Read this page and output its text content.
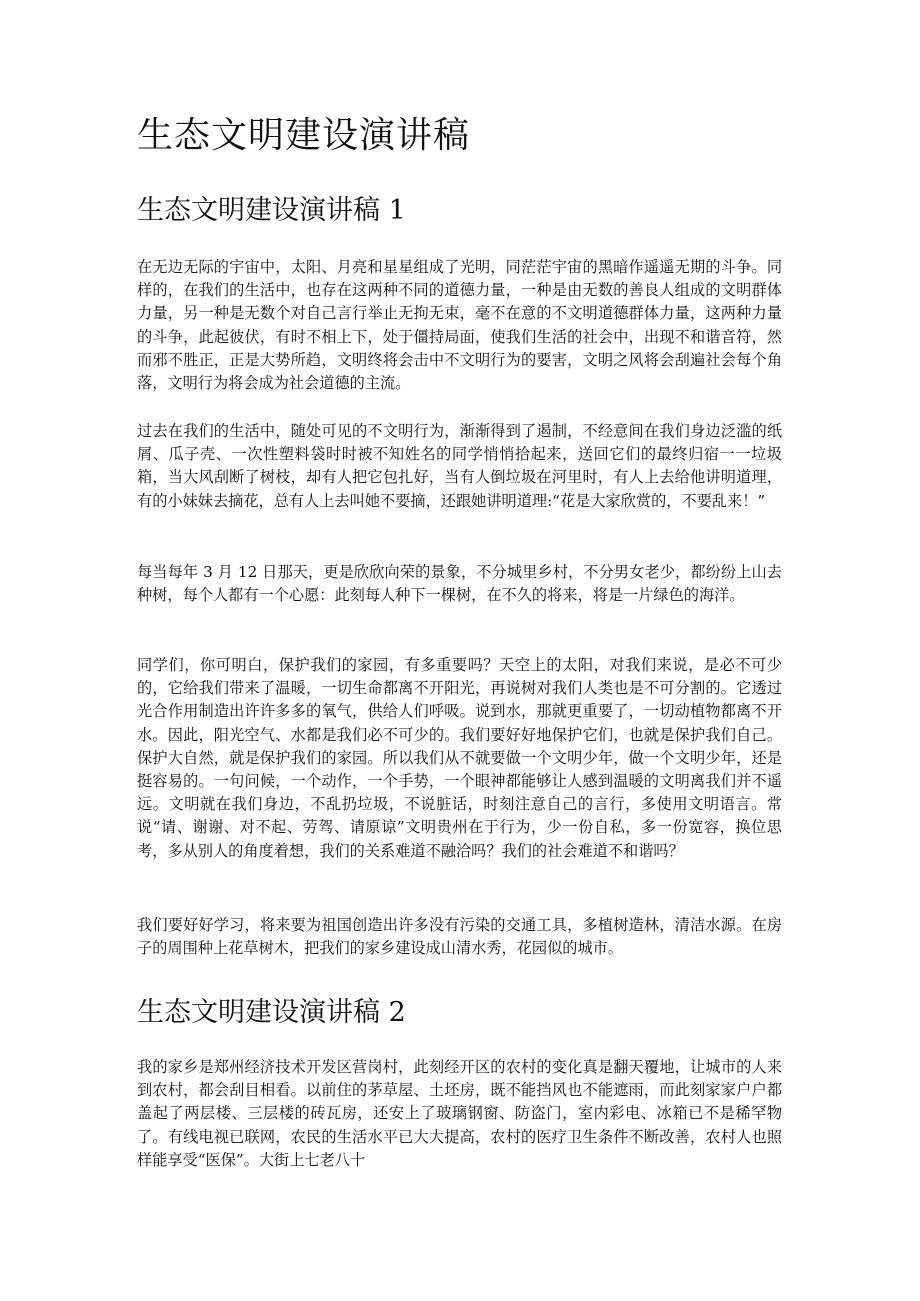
生态文明建设演讲稿
生态文明建设演讲稿 1

在无边无际的宇宙中，太阳、月亮和星星组成了光明，同茫茫宇宙的黑暗作遥遥无期的斗争。同样的，在我们的生活中，也存在这两种不同的道德力量，一种是由无数的善良人组成的文明群体力量，另一种是无数个对自己言行举止无拘无束，毫不在意的不文明道德群体力量，这两种力量的斗争，此起彼伏，有时不相上下，处于僵持局面，使我们生活的社会中，出现不和谐音符，然而邪不胜正，正是大势所趋，文明终将会击中不文明行为的要害，文明之风将会刮遍社会每个角落，文明行为将会成为社会道德的主流。

过去在我们的生活中，随处可见的不文明行为，渐渐得到了遏制，不经意间在我们身边泛滥的纸屑、瓜子壳、一次性塑料袋时时被不知姓名的同学悄悄拾起来，送回它们的最终归宿一一垃圾箱，当大风刮断了树枝，却有人把它包扎好，当有人倒垃圾在河里时，有人上去给他讲明道理，有的小妹妹去摘花，总有人上去叫她不要摘，还跟她讲明道理:“花是大家欣赏的，不要乱来！”

每当每年 3 月 12 日那天，更是欣欣向荣的景象，不分城里乡村，不分男女老少，都纷纷上山去种树，每个人都有一个心愿：此刻每人种下一棵树，在不久的将来，将是一片绿色的海洋。

同学们，你可明白，保护我们的家园，有多重要吗？天空上的太阳，对我们来说，是必不可少的，它给我们带来了温暖，一切生命都离不开阳光，再说树对我们人类也是不可分割的。它透过光合作用制造出许许多多的氧气，供给人们呼吸。说到水，那就更重要了，一切动植物都离不开水。因此，阳光空气、水都是我们必不可少的。我们要好好地保护它们，也就是保护我们自己。保护大自然，就是保护我们的家园。所以我们从不就要做一个文明少年，做一个文明少年，还是挺容易的。一句问候，一个动作，一个手势，一个眼神都能够让人感到温暖的文明离我们并不遥远。文明就在我们身边，不乱扔垃圾，不说脏话，时刻注意自己的言行，多使用文明语言。常说“请、谢谢、对不起、劳驾、请原谅”文明贵州在于行为，少一份自私，多一份宽容，换位思考，多从别人的角度着想，我们的关系难道不融洽吗？我们的社会难道不和谐吗？

我们要好好学习，将来要为祖国创造出许多没有污染的交通工具，多植树造林，清洁水源。在房子的周围种上花草树木，把我们的家乡建设成山清水秀，花园似的城市。

生态文明建设演讲稿 2

我的家乡是郑州经济技术开发区营岗村，此刻经开区的农村的变化真是翻天覆地，让城市的人来到农村，都会刮目相看。以前住的茅草屋、土坯房，既不能挡风也不能遮雨，而此刻家家户户都盖起了两层楼、三层楼的砖瓦房，还安上了玻璃钢窗、防盗门，室内彩电、冰箱已不是稀罕物了。有线电视已联网，农民的生活水平已大大提高，农村的医疗卫生条件不断改善，农村人也照样能享受“医保”。大街上七老八十
